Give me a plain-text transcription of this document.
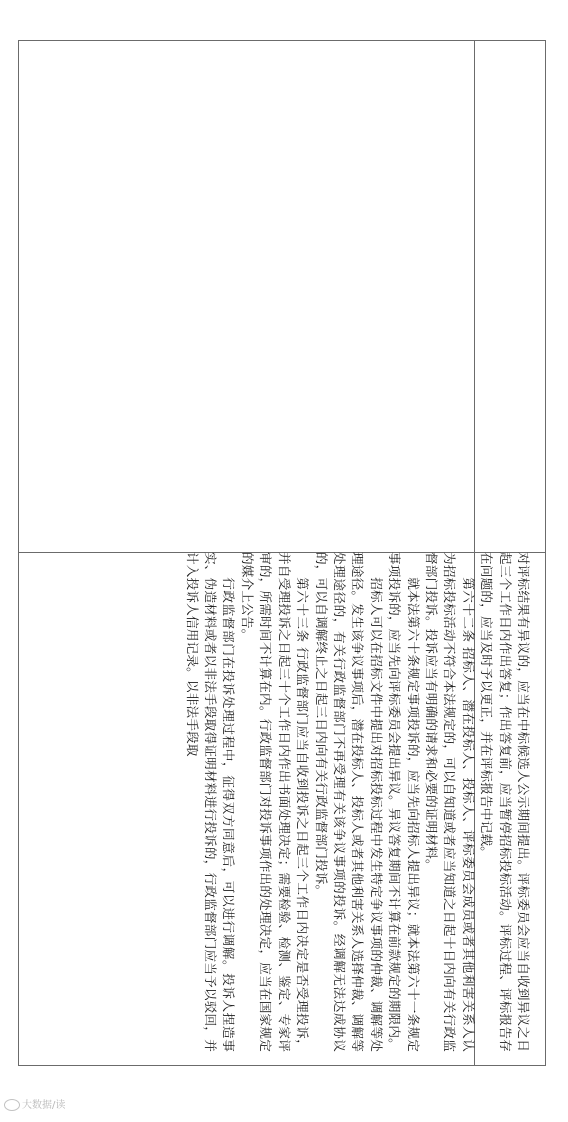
对评标结果有异议的，应当在中标候选人公示期间提出。评标委员会应当自收到异议之日起三个工作日内作出答复；作出答复前，应当暂停招标投标活动。评标过程、评标报告存在问题的，应当及时予以更正，并在评标报告中记载。

第六十二条 招标人、潜在投标人、投标人、评标委员会成员或者其他利害关系人认为招标投标活动不符合本法规定的，可以自知道或者应当知道之日起十日内向有关行政监督部门投诉。投诉应当有明确的请求和必要的证明材料。

就本法第六十条规定事项投诉的，应当先向招标人提出异议；就本法第六十一条规定事项投诉的，应当先向评标委员会提出异议。异议答复期间不计算在前款规定的期限内。

招标人可以在招标文件中提出对招标投标过程中发生特定争议事项的仲裁、调解等处理途径。发生该争议事项后，潜在投标人、投标人或者其他利害关系人选择仲裁、调解等处理途径的，有关行政监督部门不再受理有关该争议事项的投诉。经调解无法达成协议的，可以自调解终止之日起三日内向有关行政监督部门投诉。

第六十三条 行政监督部门应当自收到投诉之日起三个工作日内决定是否受理投诉，并自受理投诉之日起三十个工作日内作出书面处理决定；需要检验、检测、鉴定、专家评审的，所需时间不计算在内。行政监督部门对投诉事项作出的处理决定，应当在国家规定的媒介上公告。

行政监督部门在投诉处理过程中，征得双方同意后，可以进行调解。投诉人捏造事实、伪造材料或者以非法手段取得证明材料进行投诉的，行政监督部门应当予以驳回，并计入投诉人信用记录。以非法手段取

大数据/读
